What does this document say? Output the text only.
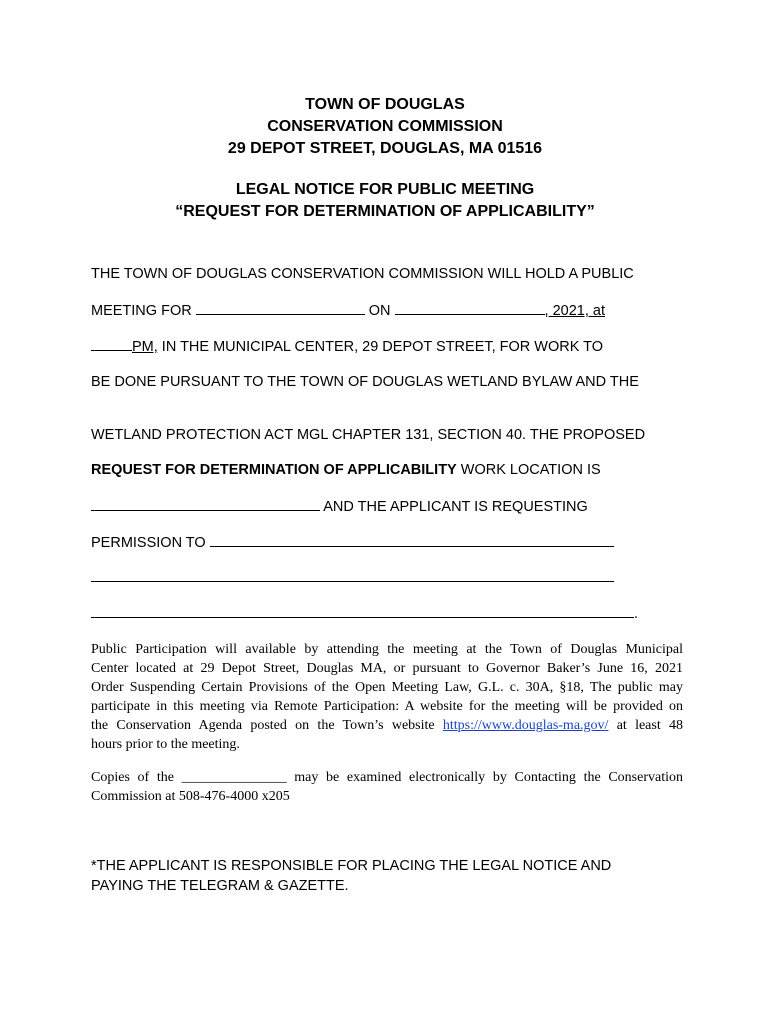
TOWN OF DOUGLAS
CONSERVATION COMMISSION
29 DEPOT STREET, DOUGLAS, MA 01516
LEGAL NOTICE FOR PUBLIC MEETING
“REQUEST FOR DETERMINATION OF APPLICABILITY”
THE TOWN OF DOUGLAS CONSERVATION COMMISSION WILL HOLD A PUBLIC
MEETING FOR	ON	, 2021, at
PM, IN THE MUNICIPAL CENTER, 29 DEPOT STREET, FOR WORK TO
BE DONE PURSUANT TO THE TOWN OF DOUGLAS WETLAND BYLAW AND THE
WETLAND PROTECTION ACT MGL CHAPTER 131, SECTION 40. THE PROPOSED
REQUEST FOR DETERMINATION OF APPLICABILITY WORK LOCATION IS
AND THE APPLICANT IS REQUESTING
PERMISSION TO
.
Public Participation will available by attending the meeting at the Town of Douglas Municipal
Center located at 29 Depot Street, Douglas MA, or pursuant to Governor Baker’s June 16, 2021
Order Suspending Certain Provisions of the Open Meeting Law, G.L. c. 30A, §18, The public may
participate in this meeting via Remote Participation: A website for the meeting will be provided on
the Conservation Agenda posted on the Town’s website https://www.douglas-ma.gov/ at least 48
hours prior to the meeting.
Copies of the _______________ may be examined electronically by Contacting the Conservation
Commission at 508-476-4000 x205
*THE APPLICANT IS RESPONSIBLE FOR PLACING THE LEGAL NOTICE AND
PAYING THE TELEGRAM & GAZETTE.
